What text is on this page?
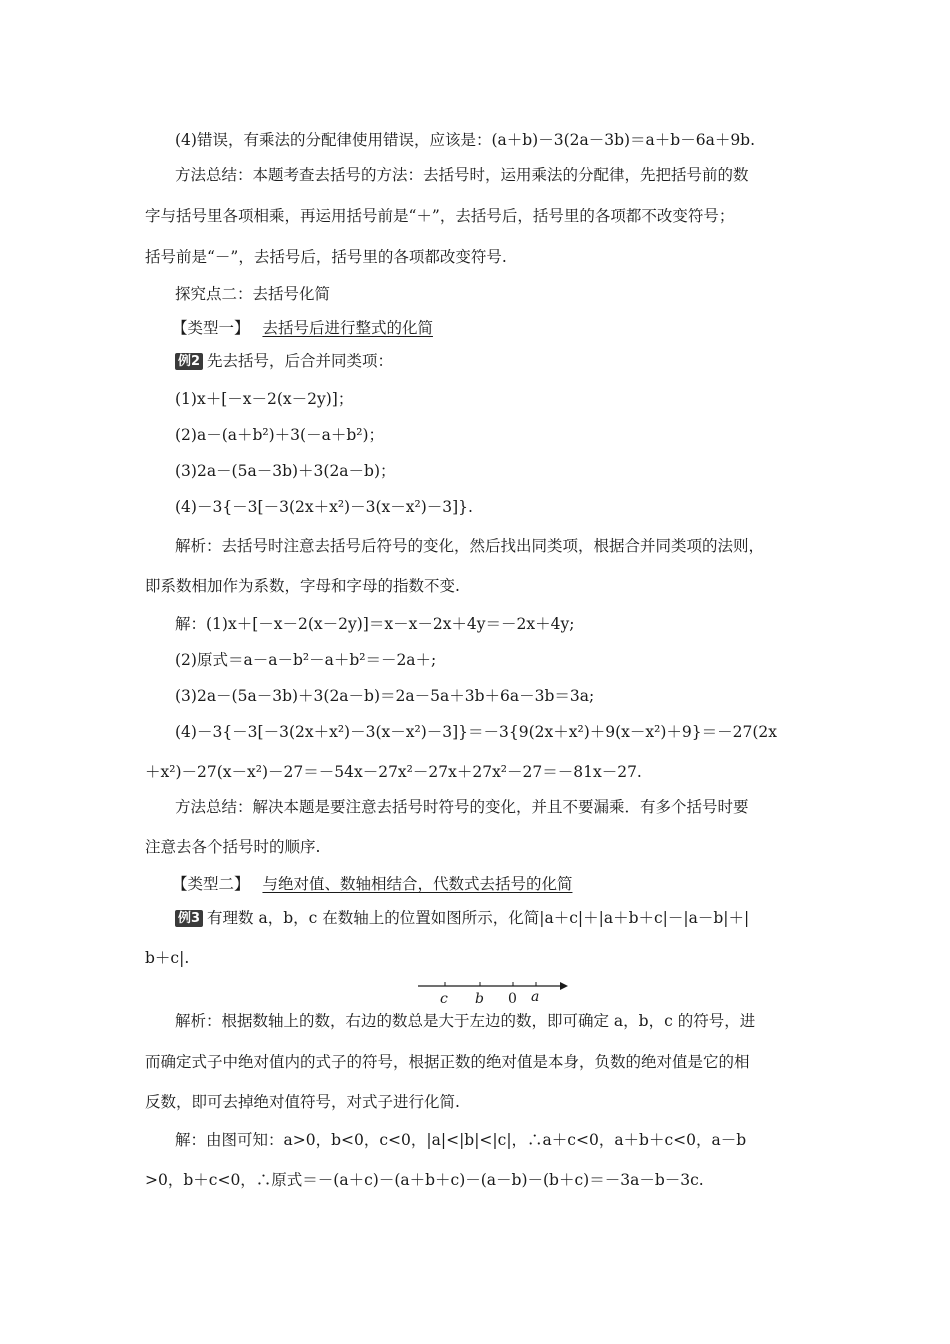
(4)错误，有乘法的分配律使用错误，应该是：(a＋b)－3(2a－3b)＝a＋b－6a＋9b.
方法总结：本题考查去括号的方法：去括号时，运用乘法的分配律，先把括号前的数
字与括号里各项相乘，再运用括号前是“＋”，去括号后，括号里的各项都不改变符号；
括号前是“－”，去括号后，括号里的各项都改变符号.
探究点二：去括号化简
【类型一】 去括号后进行整式的化简
例2 先去括号，后合并同类项：
(1)x＋[－x－2(x－2y)]；
(2)a－(a＋b²)＋3(－a＋b²)；
(3)2a－(5a－3b)＋3(2a－b)；
(4)－3{－3[－3(2x＋x²)－3(x－x²)－3]}.
解析：去括号时注意去括号后符号的变化，然后找出同类项，根据合并同类项的法则，
即系数相加作为系数，字母和字母的指数不变.
解：(1)x＋[－x－2(x－2y)]＝x－x－2x＋4y＝－2x＋4y;
(2)原式＝a－a－b²－a＋b²＝－2a＋;
(3)2a－(5a－3b)＋3(2a－b)＝2a－5a＋3b＋6a－3b＝3a;
(4)－3{－3[－3(2x＋x²)－3(x－x²)－3]}＝－3{9(2x＋x²)＋9(x－x²)＋9}＝－27(2x
＋x²)－27(x－x²)－27＝－54x－27x²－27x＋27x²－27＝－81x－27.
方法总结：解决本题是要注意去括号时符号的变化，并且不要漏乘．有多个括号时要
注意去各个括号时的顺序.
【类型二】 与绝对值、数轴相结合，代数式去括号的化简
例3 有理数 a，b，c 在数轴上的位置如图所示，化简|a＋c|＋|a＋b＋c|－|a－b|＋|
b＋c|.
c b 0 a
解析：根据数轴上的数，右边的数总是大于左边的数，即可确定 a，b，c 的符号，进
而确定式子中绝对值内的式子的符号，根据正数的绝对值是本身，负数的绝对值是它的相
反数，即可去掉绝对值符号，对式子进行化简.
解：由图可知：a>0，b<0，c<0，|a|<|b|<|c|，∴a＋c<0，a＋b＋c<0，a－b
>0，b＋c<0，∴原式＝－(a＋c)－(a＋b＋c)－(a－b)－(b＋c)＝－3a－b－3c.
